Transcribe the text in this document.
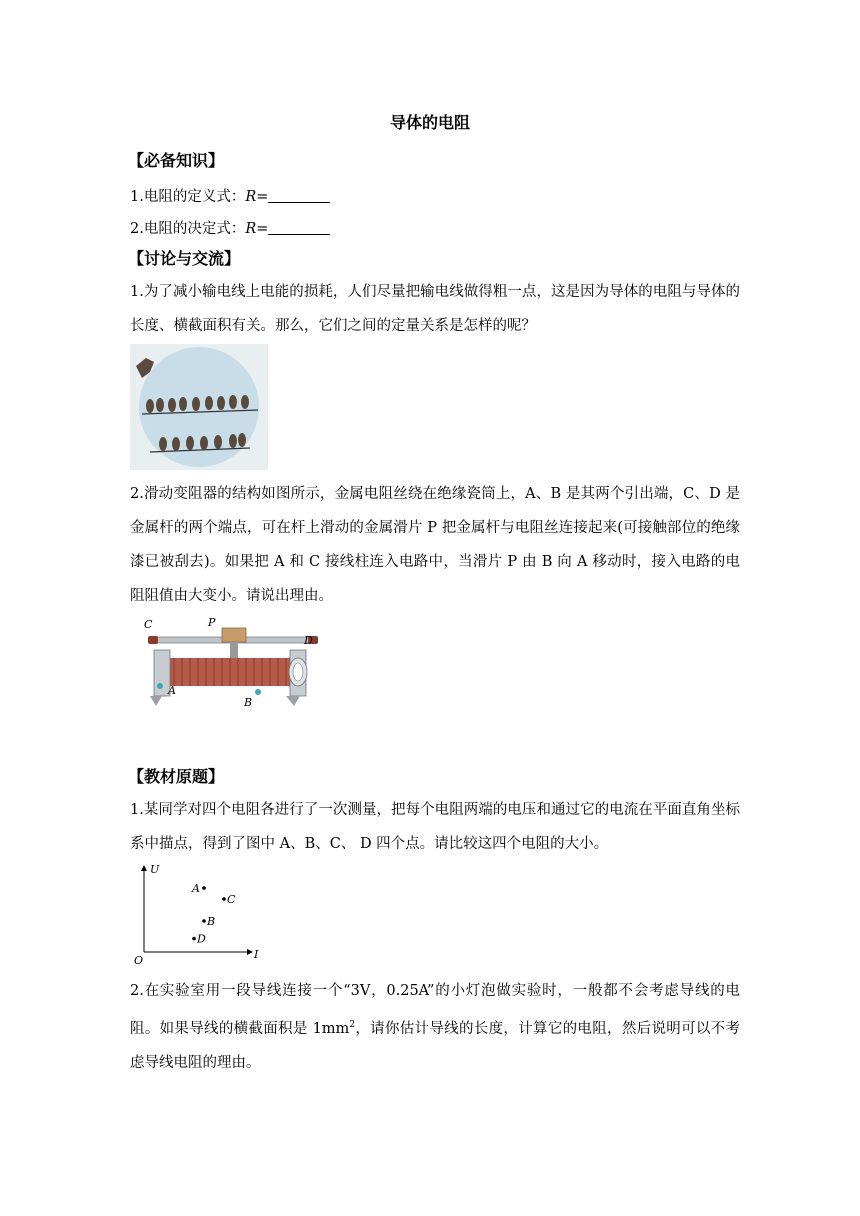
导体的电阻
【必备知识】
1.电阻的定义式：R=
2.电阻的决定式：R=
【讨论与交流】
1.为了减小输电线上电能的损耗，人们尽量把输电线做得粗一点，这是因为导体的电阻与导体的长度、横截面积有关。那么，它们之间的定量关系是怎样的呢？
2.滑动变阻器的结构如图所示，金属电阻丝绕在绝缘瓷筒上，A、B 是其两个引出端，C、D 是金属杆的两个端点，可在杆上滑动的金属滑片 P 把金属杆与电阻丝连接起来(可接触部位的绝缘漆已被刮去)。如果把 A 和 C 接线柱连入电路中，当滑片 P 由 B 向 A 移动时，接入电路的电阻阻值由大变小。请说出理由。
C	P
D
A
B
【教材原题】
1.某同学对四个电阻各进行了一次测量，把每个电阻两端的电压和通过它的电流在平面直角坐标系中描点，得到了图中 A、B、C、 D 四个点。请比较这四个电阻的大小。
U
I
O
A
C
B
D
2.在实验室用一段导线连接一个“3V，0.25A”的小灯泡做实验时，一般都不会考虑导线的电阻。如果导线的横截面积是 $1mm^2$，请你估计导线的长度，计算它的电阻，然后说明可以不考虑导线电阻的理由。
